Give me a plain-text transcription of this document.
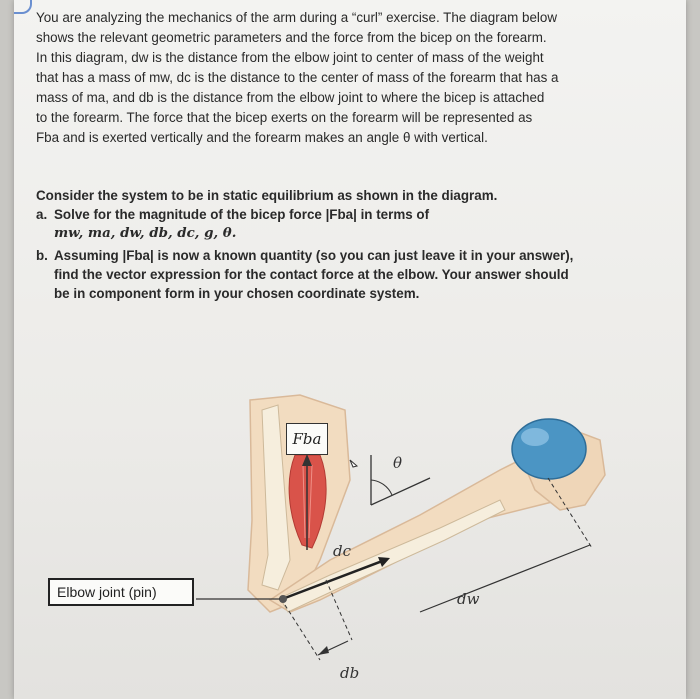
You are analyzing the mechanics of the arm during a “curl” exercise. The diagram below

shows the relevant geometric parameters and the force from the bicep on the forearm.

In this diagram, dw is the distance from the elbow joint to center of mass of the weight

that has a mass of mw, dc is the distance to the center of mass of the forearm that has a

mass of ma, and db is the distance from the elbow joint to where the bicep is attached

to the forearm. The force that the bicep exerts on the forearm will be represented as

Fba and is exerted vertically and the forearm makes an angle θ with vertical.

Consider the system to be in static equilibrium as shown in the diagram.
a. Solve for the magnitude of the bicep force |Fba| in terms of
mw, ma, dw, db, dc, g, θ.
b. Assuming |Fba| is now a known quantity (so you can just leave it in your answer),
find the vector expression for the contact force at the elbow. Your answer should
be in component form in your chosen coordinate system.
Elbow joint (pin)
Fba
θ
dc
dw
db
